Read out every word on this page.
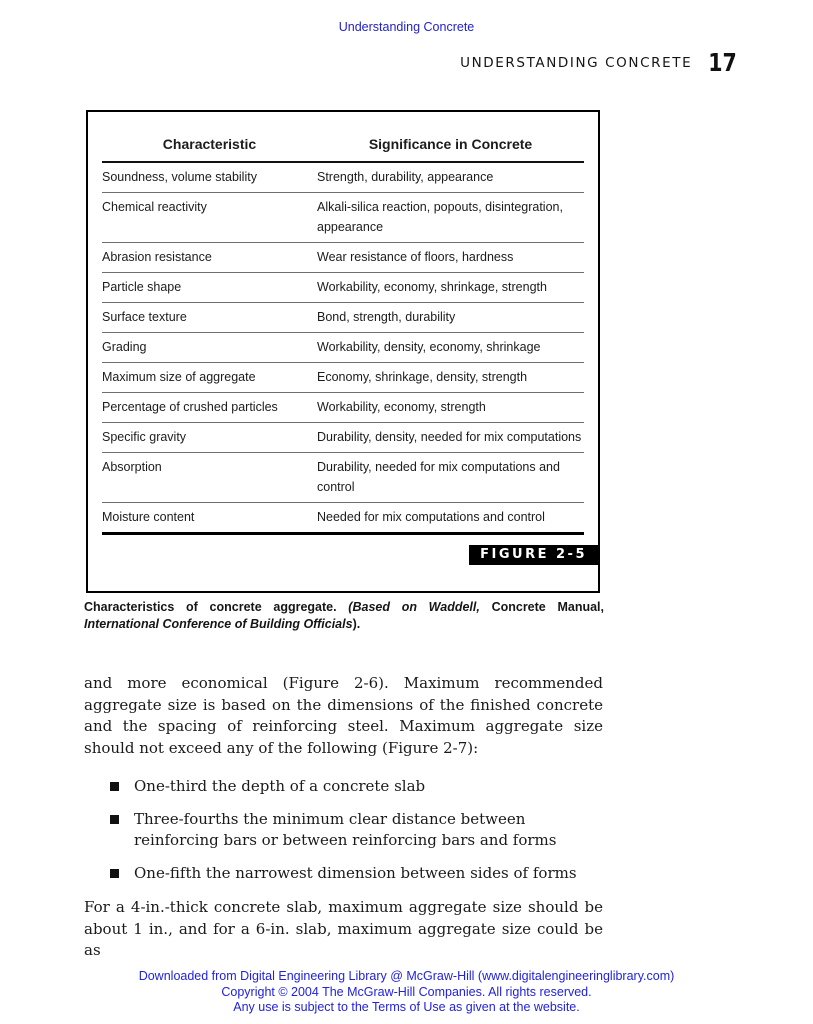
Understanding Concrete
UNDERSTANDING CONCRETE 17
Characteristic	Significance in Concrete
Soundness, volume stability	Strength, durability, appearance
Chemical reactivity	Alkali-silica reaction, popouts, disintegration, appearance
Abrasion resistance	Wear resistance of floors, hardness
Particle shape	Workability, economy, shrinkage, strength
Surface texture	Bond, strength, durability
Grading	Workability, density, economy, shrinkage
Maximum size of aggregate	Economy, shrinkage, density, strength
Percentage of crushed particles	Workability, economy, strength
Specific gravity	Durability, density, needed for mix computations
Absorption	Durability, needed for mix computations and control
Moisture content	Needed for mix computations and control
FIGURE 2-5
Characteristics of concrete aggregate. (Based on Waddell, Concrete Manual, International Conference of Building Officials).

and more economical (Figure 2-6). Maximum recommended aggregate size is based on the dimensions of the finished concrete and the spacing of reinforcing steel. Maximum aggregate size should not exceed any of the following (Figure 2-7):

One-third the depth of a concrete slab
Three-fourths the minimum clear distance between reinforcing bars or between reinforcing bars and forms
One-fifth the narrowest dimension between sides of forms

For a 4-in.-thick concrete slab, maximum aggregate size should be about 1 in., and for a 6-in. slab, maximum aggregate size could be as

Downloaded from Digital Engineering Library @ McGraw-Hill (www.digitalengineeringlibrary.com)
Copyright © 2004 The McGraw-Hill Companies. All rights reserved.
Any use is subject to the Terms of Use as given at the website.
